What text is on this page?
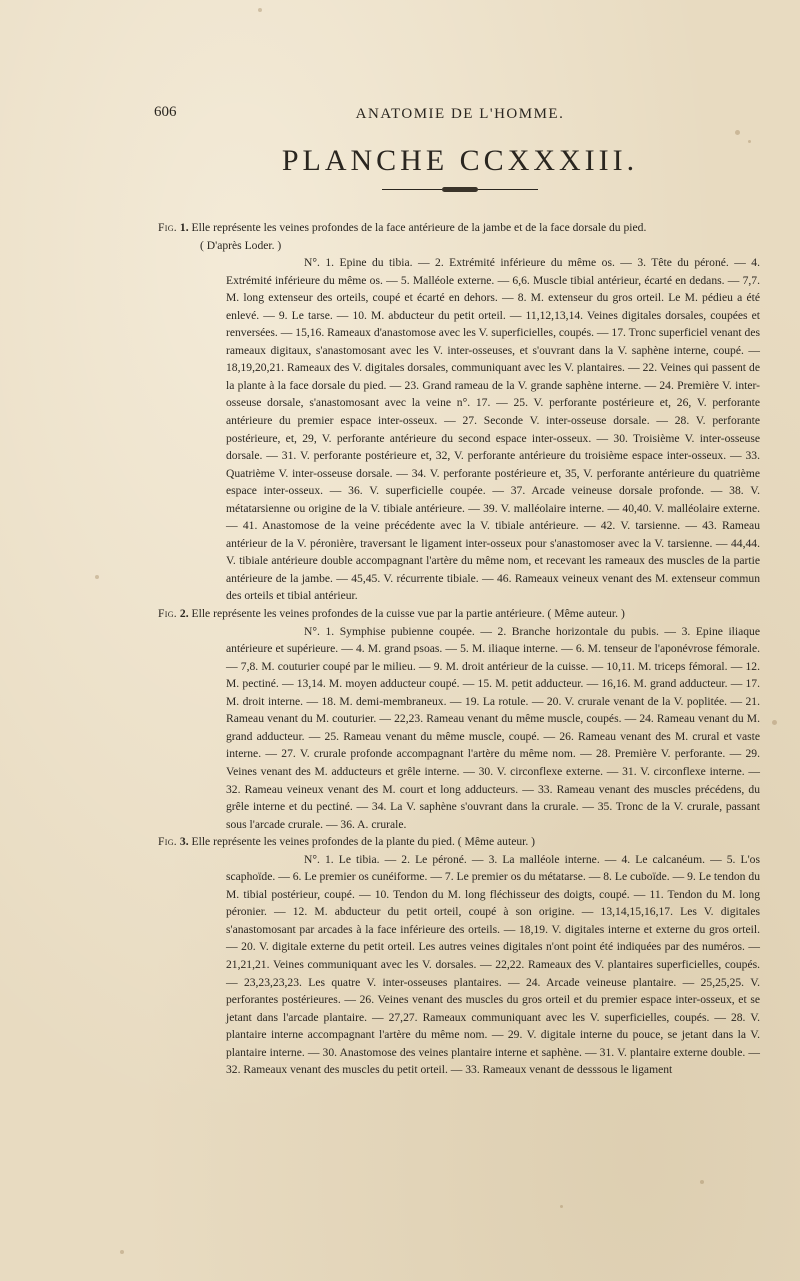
606	ANATOMIE DE L'HOMME.
PLANCHE CCXXXIII.
Fig. 1. Elle représente les veines profondes de la face antérieure de la jambe et de la face dorsale du pied.
( D'après Loder. )

N°. 1. Epine du tibia. — 2. Extrémité inférieure du même os. — 3. Tête du péroné. — 4. Extrémité inférieure du même os. — 5. Malléole externe. — 6,6. Muscle tibial antérieur, écarté en dedans. — 7,7. M. long extenseur des orteils, coupé et écarté en dehors. — 8. M. extenseur du gros orteil. Le M. pédieu a été enlevé. — 9. Le tarse. — 10. M. abducteur du petit orteil. — 11,12,13,14. Veines digitales dorsales, coupées et renversées. — 15,16. Rameaux d'anastomose avec les V. superficielles, coupés. — 17. Tronc superficiel venant des rameaux digitaux, s'anastomosant avec les V. inter-osseuses, et s'ouvrant dans la V. saphène interne, coupé. — 18,19,20,21. Rameaux des V. digitales dorsales, communiquant avec les V. plantaires. — 22. Veines qui passent de la plante à la face dorsale du pied. — 23. Grand rameau de la V. grande saphène interne. — 24. Première V. inter-osseuse dorsale, s'anastomosant avec la veine n°. 17. — 25. V. perforante postérieure et, 26, V. perforante antérieure du premier espace inter-osseux. — 27. Seconde V. inter-osseuse dorsale. — 28. V. perforante postérieure, et, 29, V. perforante antérieure du second espace inter-osseux. — 30. Troisième V. inter-osseuse dorsale. — 31. V. perforante postérieure et, 32, V. perforante antérieure du troisième espace inter-osseux. — 33. Quatrième V. inter-osseuse dorsale. — 34. V. perforante postérieure et, 35, V. perforante antérieure du quatrième espace inter-osseux. — 36. V. superficielle coupée. — 37. Arcade veineuse dorsale profonde. — 38. V. métatarsienne ou origine de la V. tibiale antérieure. — 39. V. malléolaire interne. — 40,40. V. malléolaire externe. — 41. Anastomose de la veine précédente avec la V. tibiale antérieure. — 42. V. tarsienne. — 43. Rameau antérieur de la V. péronière, traversant le ligament inter-osseux pour s'anastomoser avec la V. tarsienne. — 44,44. V. tibiale antérieure double accompagnant l'artère du même nom, et recevant les rameaux des muscles de la partie antérieure de la jambe. — 45,45. V. récurrente tibiale. — 46. Rameaux veineux venant des M. extenseur commun des orteils et tibial antérieur.

Fig. 2. Elle représente les veines profondes de la cuisse vue par la partie antérieure. ( Même auteur. )

N°. 1. Symphise pubienne coupée. — 2. Branche horizontale du pubis. — 3. Epine iliaque antérieure et supérieure. — 4. M. grand psoas. — 5. M. iliaque interne. — 6. M. tenseur de l'aponévrose fémorale. — 7,8. M. couturier coupé par le milieu. — 9. M. droit antérieur de la cuisse. — 10,11. M. triceps fémoral. — 12. M. pectiné. — 13,14. M. moyen adducteur coupé. — 15. M. petit adducteur. — 16,16. M. grand adducteur. — 17. M. droit interne. — 18. M. demi-membraneux. — 19. La rotule. — 20. V. crurale venant de la V. poplitée. — 21. Rameau venant du M. couturier. — 22,23. Rameau venant du même muscle, coupés. — 24. Rameau venant du M. grand adducteur. — 25. Rameau venant du même muscle, coupé. — 26. Rameau venant des M. crural et vaste interne. — 27. V. crurale profonde accompagnant l'artère du même nom. — 28. Première V. perforante. — 29. Veines venant des M. adducteurs et grêle interne. — 30. V. circonflexe externe. — 31. V. circonflexe interne. — 32. Rameau veineux venant des M. court et long adducteurs. — 33. Rameau venant des muscles précédens, du grêle interne et du pectiné. — 34. La V. saphène s'ouvrant dans la crurale. — 35. Tronc de la V. crurale, passant sous l'arcade crurale. — 36. A. crurale.

Fig. 3. Elle représente les veines profondes de la plante du pied. ( Même auteur. )

N°. 1. Le tibia. — 2. Le péroné. — 3. La malléole interne. — 4. Le calcanéum. — 5. L'os scaphoïde. — 6. Le premier os cunéiforme. — 7. Le premier os du métatarse. — 8. Le cuboïde. — 9. Le tendon du M. tibial postérieur, coupé. — 10. Tendon du M. long fléchisseur des doigts, coupé. — 11. Tendon du M. long péronier. — 12. M. abducteur du petit orteil, coupé à son origine. — 13,14,15,16,17. Les V. digitales s'anastomosant par arcades à la face inférieure des orteils. — 18,19. V. digitales interne et externe du gros orteil. — 20. V. digitale externe du petit orteil. Les autres veines digitales n'ont point été indiquées par des numéros. — 21,21,21. Veines communiquant avec les V. dorsales. — 22,22. Rameaux des V. plantaires superficielles, coupés. — 23,23,23,23. Les quatre V. inter-osseuses plantaires. — 24. Arcade veineuse plantaire. — 25,25,25. V. perforantes postérieures. — 26. Veines venant des muscles du gros orteil et du premier espace inter-osseux, et se jetant dans l'arcade plantaire. — 27,27. Rameaux communiquant avec les V. superficielles, coupés. — 28. V. plantaire interne accompagnant l'artère du même nom. — 29. V. digitale interne du pouce, se jetant dans la V. plantaire interne. — 30. Anastomose des veines plantaire interne et saphène. — 31. V. plantaire externe double. — 32. Rameaux venant des muscles du petit orteil. — 33. Rameaux venant de desssous le ligament
